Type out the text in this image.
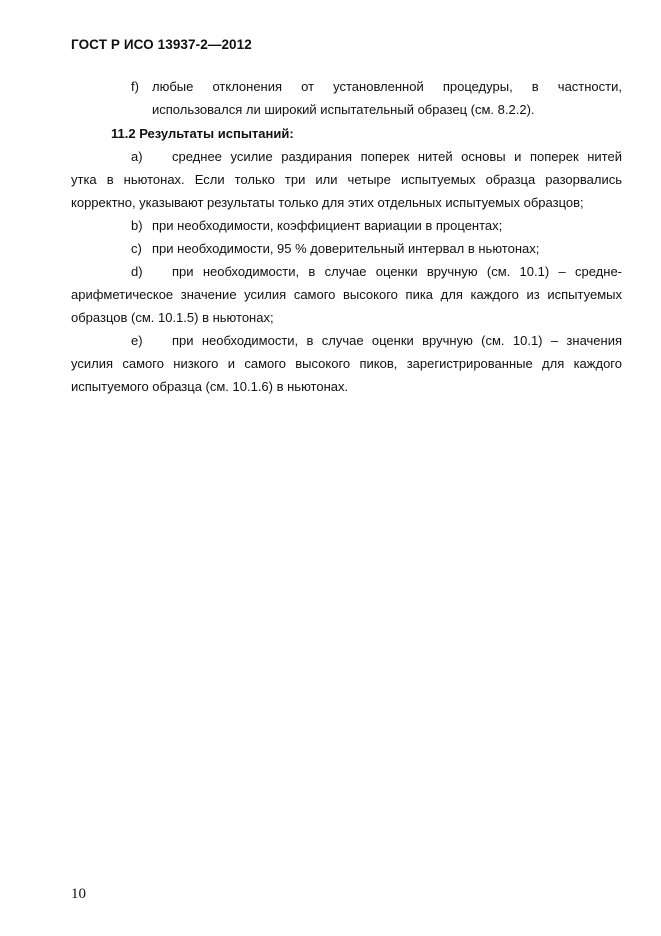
ГОСТ Р ИСО 13937-2—2012
f) любые отклонения от установленной процедуры, в частности,
использовался ли широкий испытательный образец (см. 8.2.2).
11.2 Результаты испытаний:
a) среднее усилие раздирания поперек нитей основы и поперек нитей
утка в ньютонах. Если только три или четыре испытуемых образца разорвались
корректно, указывают результаты только для этих отдельных испытуемых образцов;
b) при необходимости, коэффициент вариации в процентах;
c) при необходимости, 95 % доверительный интервал в ньютонах;
d) при необходимости, в случае оценки вручную (см. 10.1) – средне-
арифметическое значение усилия самого высокого пика для каждого из испытуемых
образцов (см. 10.1.5) в ньютонах;
e) при необходимости, в случае оценки вручную (см. 10.1) – значения
усилия самого низкого и самого высокого пиков, зарегистрированные для каждого
испытуемого образца (см. 10.1.6) в ньютонах.
10
